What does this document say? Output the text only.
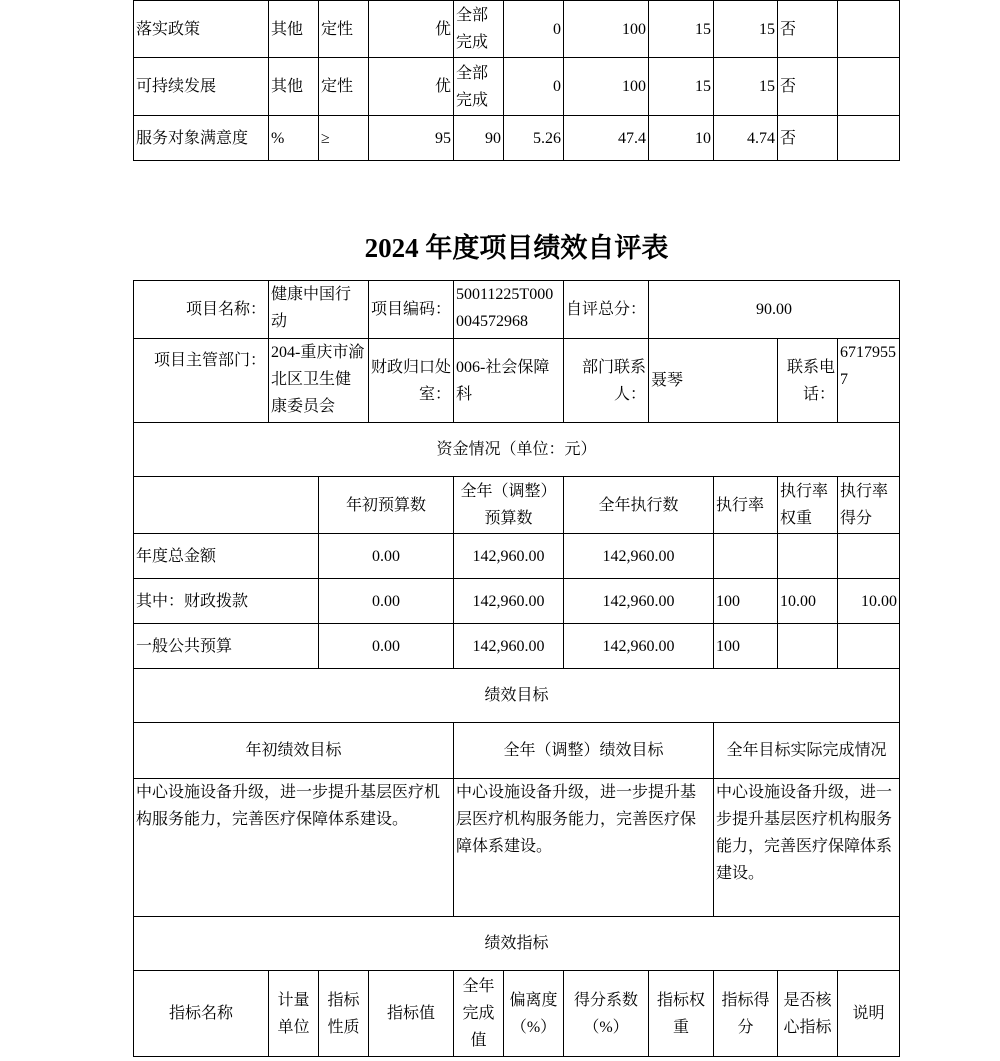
落实政策	其他	定性	优	全部完成	0	100	15	15	否	
可持续发展	其他	定性	优	全部完成	0	100	15	15	否	
服务对象满意度	%	≥	95	90	5.26	47.4	10	4.74	否	
2024 年度项目绩效自评表
项目名称：	健康中国行动		项目编码：	50011225T000004572968		自评总分：	90.00			
项目主管部门：	204-重庆市渝北区卫生健康委员会		财政归口处室：	006-社会保障科		部门联系人：	聂琴		联系电话：	67179557
资金情况（单位：元）										
		年初预算数		全年（调整）预算数		全年执行数		执行率	执行率权重	执行率得分
年度总金额		0.00		142,960.00		142,960.00				
其中：财政拨款		0.00		142,960.00		142,960.00		100	10.00	10.00
一般公共预算		0.00		142,960.00		142,960.00		100		
绩效目标										
年初绩效目标				全年（调整）绩效目标				全年目标实际完成情况		
中心设施设备升级，进一步提升基层医疗机构服务能力，完善医疗保障体系建设。				中心设施设备升级，进一步提升基层医疗机构服务能力，完善医疗保障体系建设。				中心设施设备升级，进一步提升基层医疗机构服务能力，完善医疗保障体系建设。		
绩效指标										
指标名称	计量单位	指标性质	指标值	全年完成值	偏离度（%）	得分系数（%）	指标权重	指标得分	是否核心指标	说明
